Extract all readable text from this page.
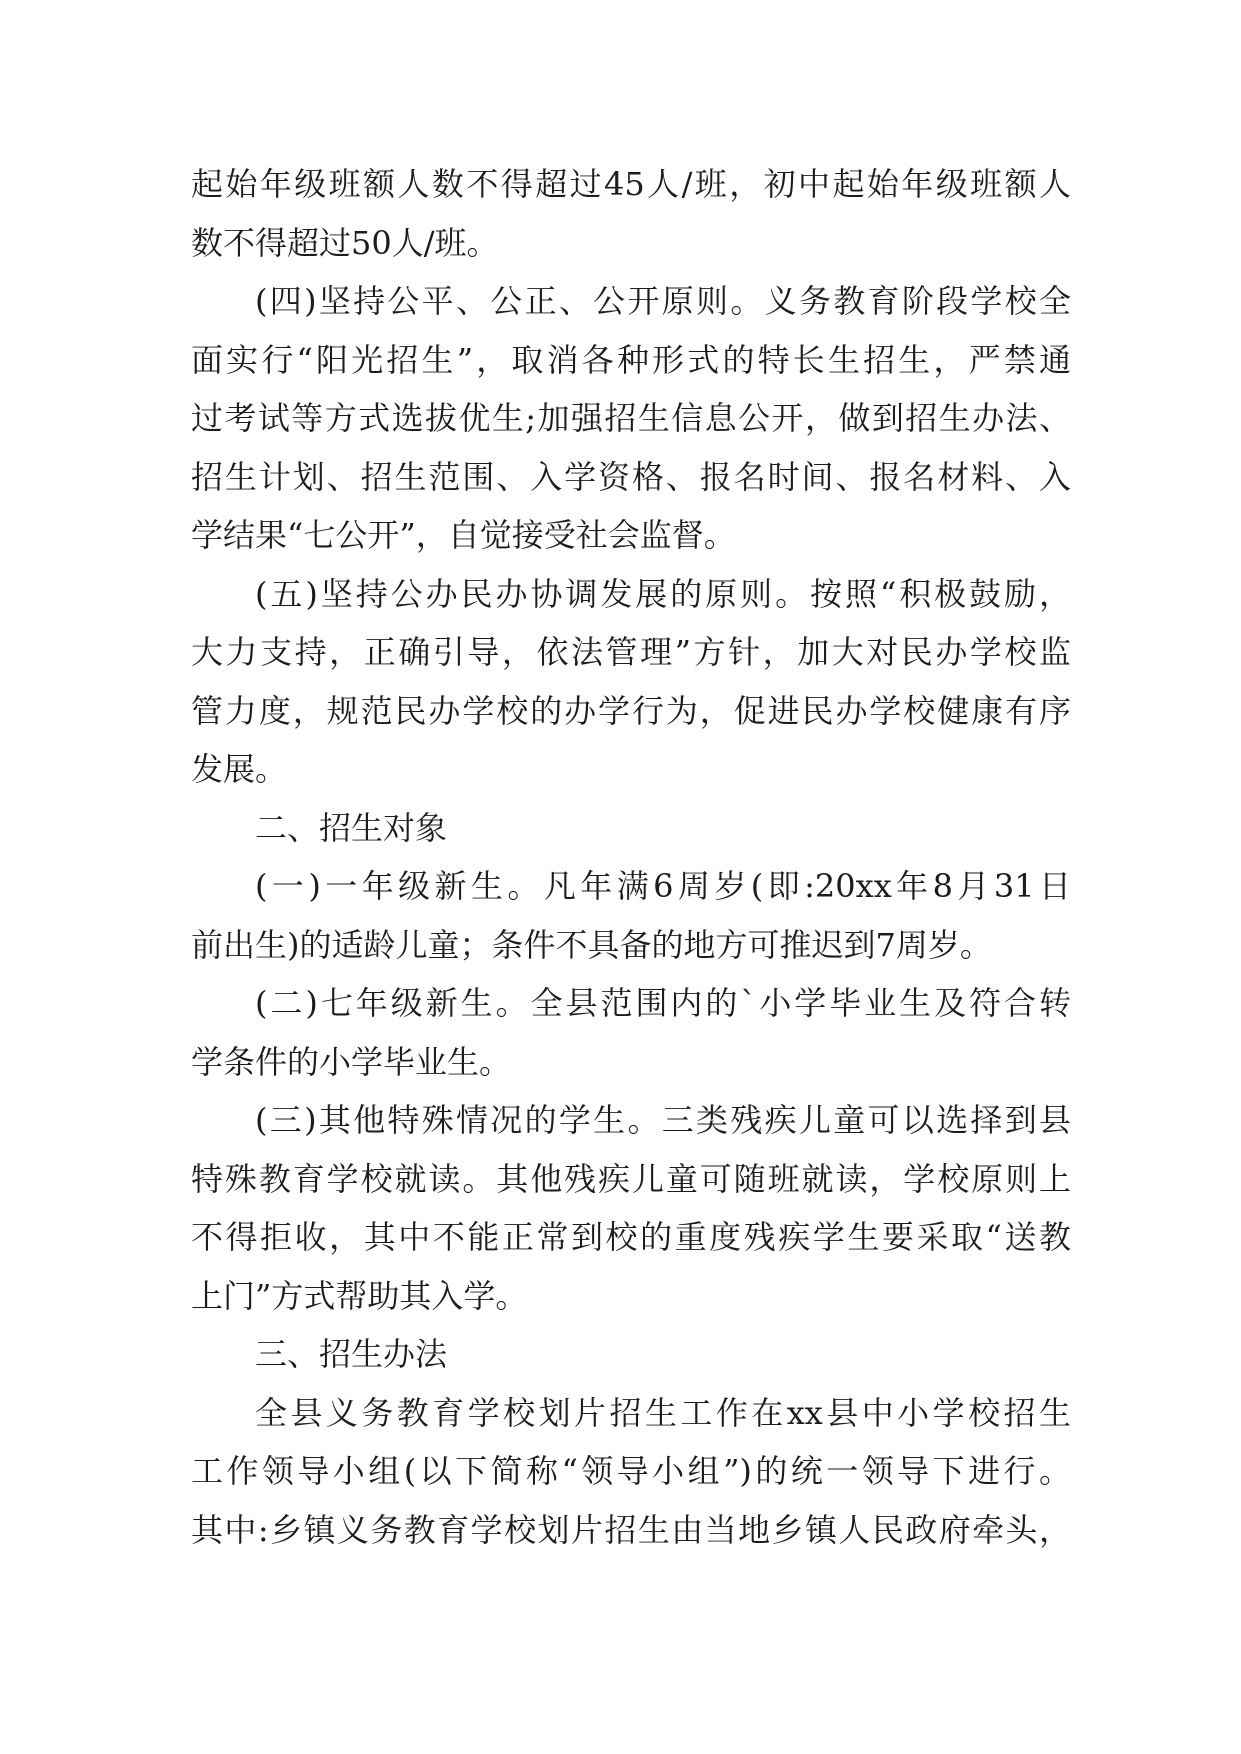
起始年级班额人数不得超过45人/班，初中起始年级班额人
数不得超过50人/班。
(四)坚持公平、公正、公开原则。义务教育阶段学校全
面实行“阳光招生”，取消各种形式的特长生招生，严禁通
过考试等方式选拔优生;加强招生信息公开，做到招生办法、
招生计划、招生范围、入学资格、报名时间、报名材料、入
学结果“七公开”，自觉接受社会监督。
(五)坚持公办民办协调发展的原则。按照“积极鼓励，
大力支持，正确引导，依法管理”方针，加大对民办学校监
管力度，规范民办学校的办学行为，促进民办学校健康有序
发展。
二、招生对象
(一)一年级新生。凡年满6周岁(即:20xx年8月31日
前出生)的适龄儿童；条件不具备的地方可推迟到7周岁。
(二)七年级新生。全县范围内的`小学毕业生及符合转
学条件的小学毕业生。
(三)其他特殊情况的学生。三类残疾儿童可以选择到县
特殊教育学校就读。其他残疾儿童可随班就读，学校原则上
不得拒收，其中不能正常到校的重度残疾学生要采取“送教
上门”方式帮助其入学。
三、招生办法
全县义务教育学校划片招生工作在xx县中小学校招生
工作领导小组(以下简称“领导小组”)的统一领导下进行。
其中:乡镇义务教育学校划片招生由当地乡镇人民政府牵头，
